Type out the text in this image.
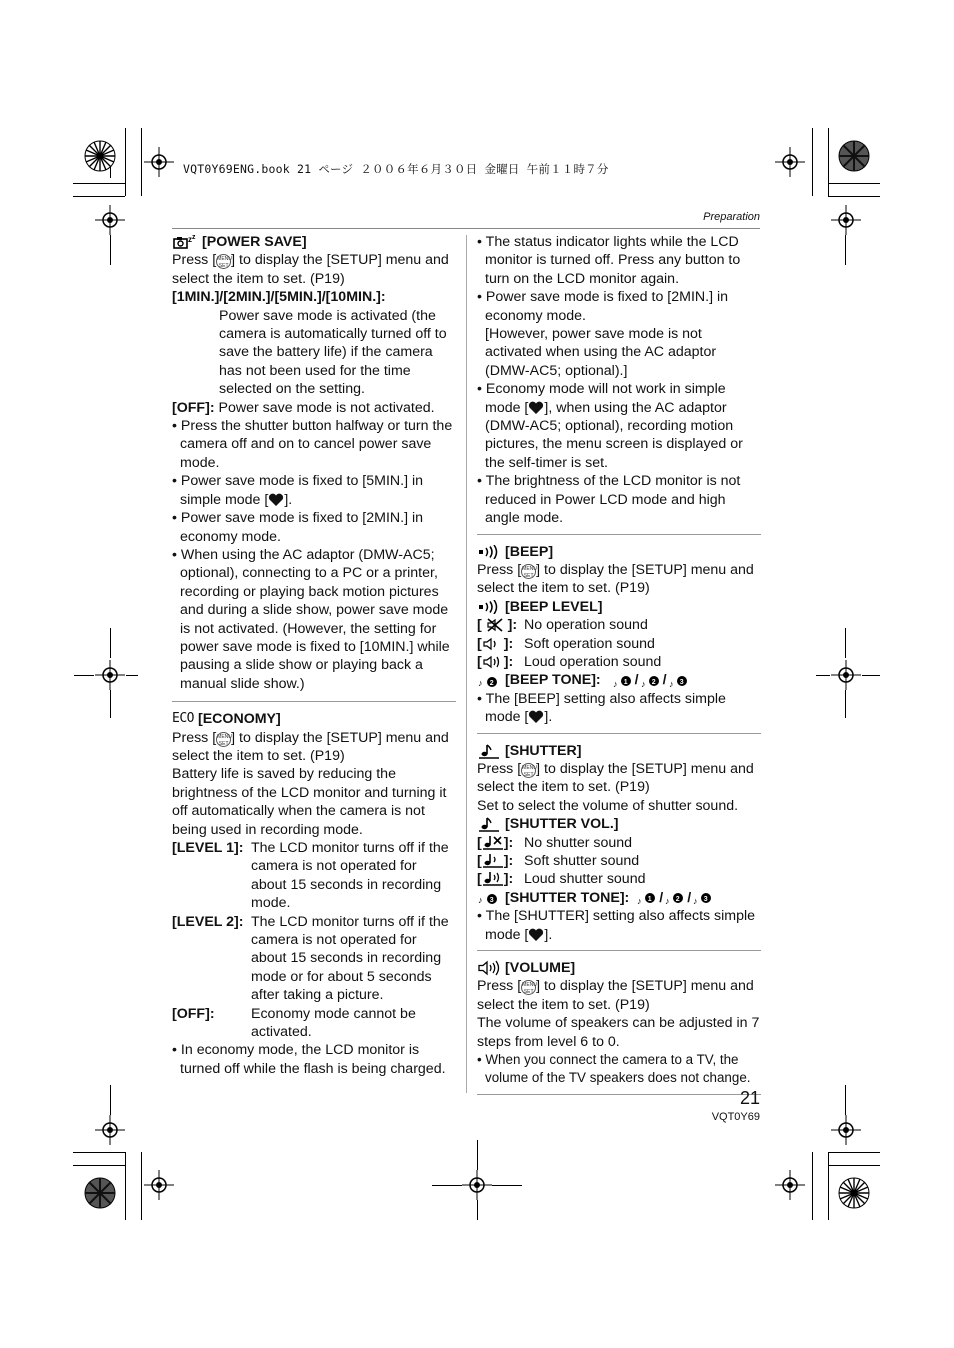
VQT0Y69ENG.book 21 ページ ２００６年６月３０日 金曜日 午前１１時７分
Preparation

z z [POWER SAVE]

Press [MENU
SET ] to display the [SETUP] menu and select the item to set. (P19)

[1MIN.]/[2MIN.]/[5MIN.]/[10MIN.]:

Power save mode is activated (the camera is automatically turned off to save the battery life) if the camera has not been used for the time selected on the setting.

[OFF]: Power save mode is not activated.

• Press the shutter button halfway or turn the camera off and on to cancel power save mode.

• Power save mode is fixed to [5MIN.] in simple mode [ ].

• Power save mode is fixed to [2MIN.] in economy mode.

• When using the AC adaptor (DMW-AC5; optional), connecting to a PC or a printer, recording or playing back motion pictures and during a slide show, power save mode is not activated. (However, the setting for power save mode is fixed to [10MIN.] while pausing a slide show or playing back a manual slide show.)

ECO [ECONOMY]

Press [MENU
SET ] to display the [SETUP] menu and select the item to set. (P19)

Battery life is saved by reducing the brightness of the LCD monitor and turning it off automatically when the camera is not being used in recording mode.

[LEVEL 1]: The LCD monitor turns off if the camera is not operated for about 15 seconds in recording mode.
[LEVEL 2]: The LCD monitor turns off if the camera is not operated for about 15 seconds in recording mode or for about 5 seconds after taking a picture.
[OFF]:	Economy mode cannot be activated.

• In economy mode, the LCD monitor is turned off while the flash is being charged.

• The status indicator lights while the LCD monitor is turned off. Press any button to turn on the LCD monitor again.

• Power save mode is fixed to [2MIN.] in economy mode.

[However, power save mode is not activated when using the AC adaptor (DMW-AC5; optional).]

• Economy mode will not work in simple mode [ ], when using the AC adaptor (DMW-AC5; optional), recording motion pictures, the menu screen is displayed or the self-timer is set.

• The brightness of the LCD monitor is not reduced in Power LCD mode and high angle mode.

[BEEP]

Press [MENU
SET ] to display the [SETUP] menu and select the item to set. (P19)

[BEEP LEVEL]

[  ]: No operation sound
[ ]: Soft operation sound
[ ]: Loud operation sound

♪ 2 [BEEP TONE]: ♪ 1 / ♪ 2 / ♪ 3

• The [BEEP] setting also affects simple mode [ ].

[SHUTTER]

Press [MENU
SET ] to display the [SETUP] menu and select the item to set. (P19)

Set to select the volume of shutter sound.

[SHUTTER VOL.]

[ ]: No shutter sound
[ ]: Soft shutter sound
[ ]: Loud shutter sound

♪ 3 [SHUTTER TONE]: ♪ 1 / ♪ 2 / ♪ 3

• The [SHUTTER] setting also affects simple mode [ ].

[VOLUME]

Press [MENU
SET ] to display the [SETUP] menu and select the item to set. (P19)

The volume of speakers can be adjusted in 7 steps from level 6 to 0.

• When you connect the camera to a TV, the volume of the TV speakers does not change.

21
VQT0Y69
